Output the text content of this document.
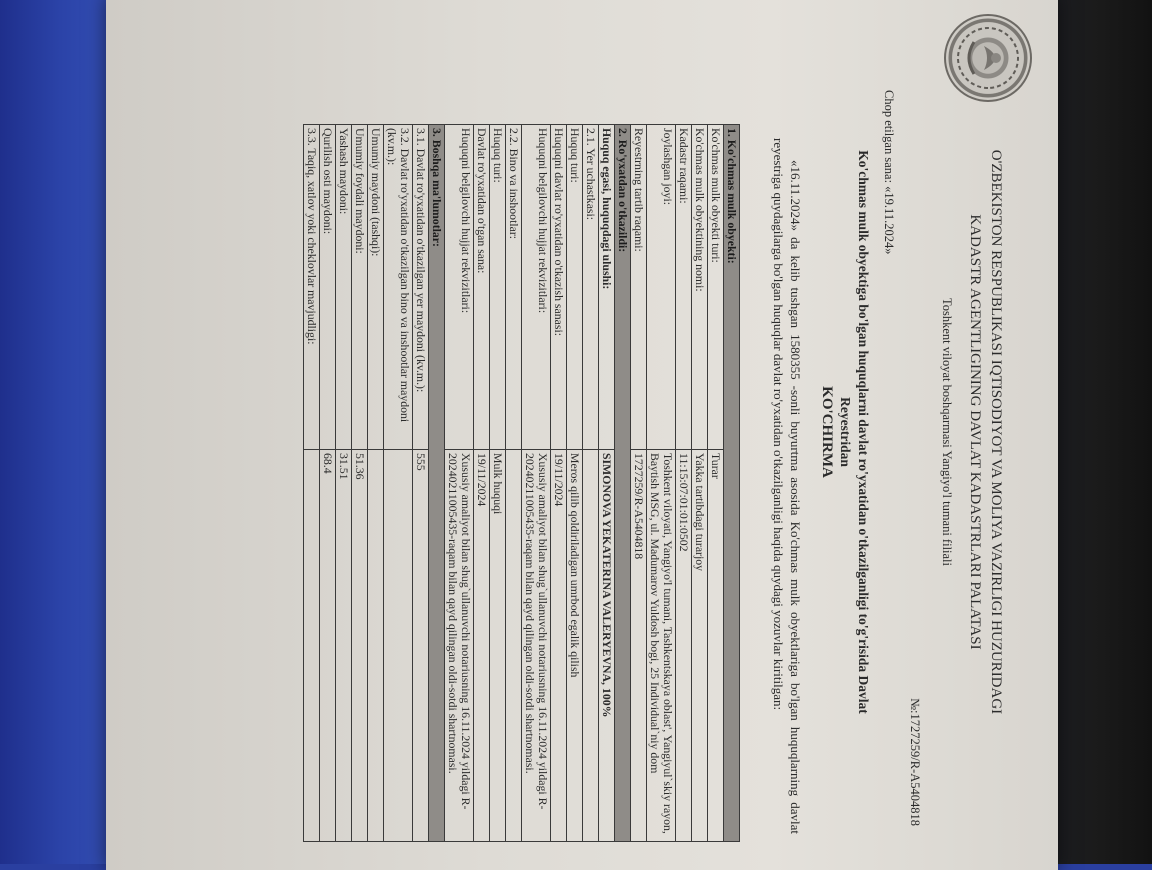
O'ZBEKISTON RESPUBLIKASI IQTISODIYOT VA MOLIYA VAZIRLIGI HUZURIDAGI
KADASTR AGENTLIGINING DAVLAT KADASTRLARI PALATASI
Toshkent viloyat boshqarmasi Yangiyo'l tumani filiali
№:1727259/R-A5404818
Chop etilgan sana: «19.11.2024»
Ko'chmas mulk obyektiga bo'lgan huquqlarni davlat ro'yxatidan o'tkazilganligi to'g'risida Davlat
Reyestridan
KO'CHIRMA
«16.11.2024» da kelib tushgan 1580355 -sonli buyurtma asosida Ko'chmas mulk obyektlariga bo'lgan huquqlarning davlat reyestriga quydagilarga bo'lgan huquqlar davlat ro'yxatidan o'tkazilganligi haqida quydagi yozuvlar kiritilgan:
1. Ko'chmas mulk obyekti:	
Ko'chmas mulk obyekti turi:	Turar
Ko'chmas mulk obyektining nomi:	Yakka tartibdagi turarjoy
Kadastr raqami:	11:15:07:01:01:0502
Joylashgan joyi:	Toshkent viloyati, Yangiyo'l tumani, Tashkentskaya oblast', Yangiyul`skiy rayon, Baytish MSG, ul. Madumarov Yuldosh bogi, 25 Individual`niy dom
Reyestrning tartib raqami:	1727259/R-A5404818
2. Ro'yxatdan o'tkazildi:	
Huquq egasi, huquqdagi ulushi:	SIMONOVA YEKATERINA VALERYEVNA, 100%
2.1. Yer uchastkasi:	
Huquq turi:	Meros qilib qoldiriladigan umrbod egalik qilish
Huquqni davlat ro'yxatidan o'tkazish sanasi:	19/11/2024
Huquqni belgilovchi hujjat rekvizitlari:	Xususiy amaliyot bilan shug`ullanuvchi notariusning 16.11.2024 yildagi R-20240211005435-raqam bilan qayd qilingan oldi-sotdi shartnomasi.
2.2. Bino va inshootlar:	
Huquq turi:	Mulk huquqi
Davlat ro'yxatidan o'tgan sana:	19/11/2024
Huquqni belgilovchi hujjat rekvizitlari:	Xususiy amaliyot bilan shug`ullanuvchi notariusning 16.11.2024 yildagi R-20240211005435-raqam bilan qayd qilingan oldi-sotdi shartnomasi.
3. Boshqa ma'lumotlar:	
3.1. Davlat ro'yxatidan o'tkazilgan yer maydoni (kv.m.):	555
3.2. Davlat ro'yxatidan o'tkazilgan bino va inshootlar maydoni (kv.m.):	
Umumiy maydoni (tashqi):	
Umumiy foydali maydoni:	51.36
Yashash maydoni:	31.51
Qurilish osti maydoni:	68.4
3.3. Taqiq, xatlov yoki cheklovlar mavjudligi:	
